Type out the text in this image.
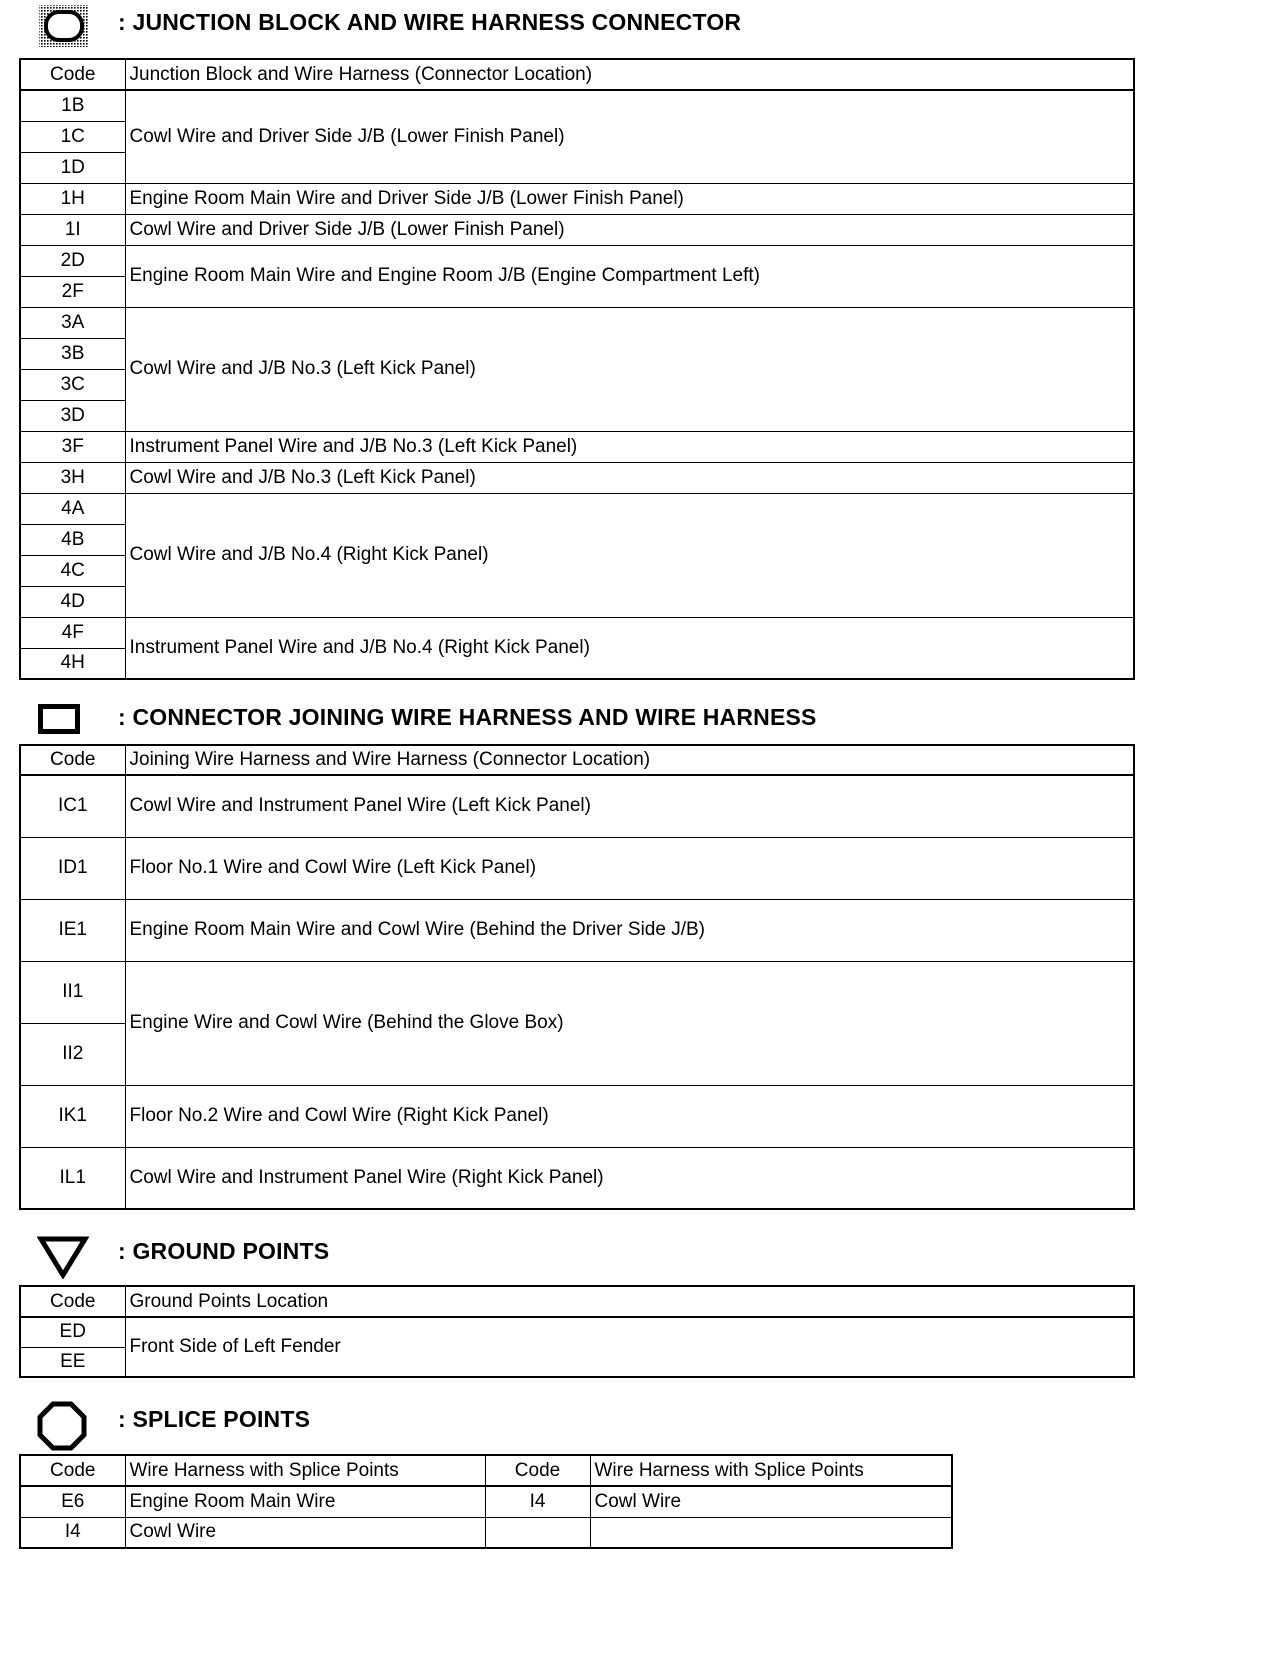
: JUNCTION BLOCK AND WIRE HARNESS CONNECTOR
Code	Junction Block and Wire Harness (Connector Location)
1B	Cowl Wire and Driver Side J/B (Lower Finish Panel)
1C	
1D	
1H	Engine Room Main Wire and Driver Side J/B (Lower Finish Panel)
1I	Cowl Wire and Driver Side J/B (Lower Finish Panel)
2D	Engine Room Main Wire and Engine Room J/B (Engine Compartment Left)
2F	
3A	Cowl Wire and J/B No.3 (Left Kick Panel)
3B	
3C	
3D	
3F	Instrument Panel Wire and J/B No.3 (Left Kick Panel)
3H	Cowl Wire and J/B No.3 (Left Kick Panel)
4A	Cowl Wire and J/B No.4 (Right Kick Panel)
4B	
4C	
4D	
4F	Instrument Panel Wire and J/B No.4 (Right Kick Panel)
4H	
: CONNECTOR JOINING WIRE HARNESS AND WIRE HARNESS
Code	Joining Wire Harness and Wire Harness (Connector Location)
IC1	Cowl Wire and Instrument Panel Wire (Left Kick Panel)
ID1	Floor No.1 Wire and Cowl Wire (Left Kick Panel)
IE1	Engine Room Main Wire and Cowl Wire (Behind the Driver Side J/B)
II1	Engine Wire and Cowl Wire (Behind the Glove Box)
II2	
IK1	Floor No.2 Wire and Cowl Wire (Right Kick Panel)
IL1	Cowl Wire and Instrument Panel Wire (Right Kick Panel)
: GROUND POINTS
Code	Ground Points Location
ED	Front Side of Left Fender
EE	
: SPLICE POINTS
Code	Wire Harness with Splice Points	Code	Wire Harness with Splice Points
E6	Engine Room Main Wire	I4	Cowl Wire
I4	Cowl Wire		
